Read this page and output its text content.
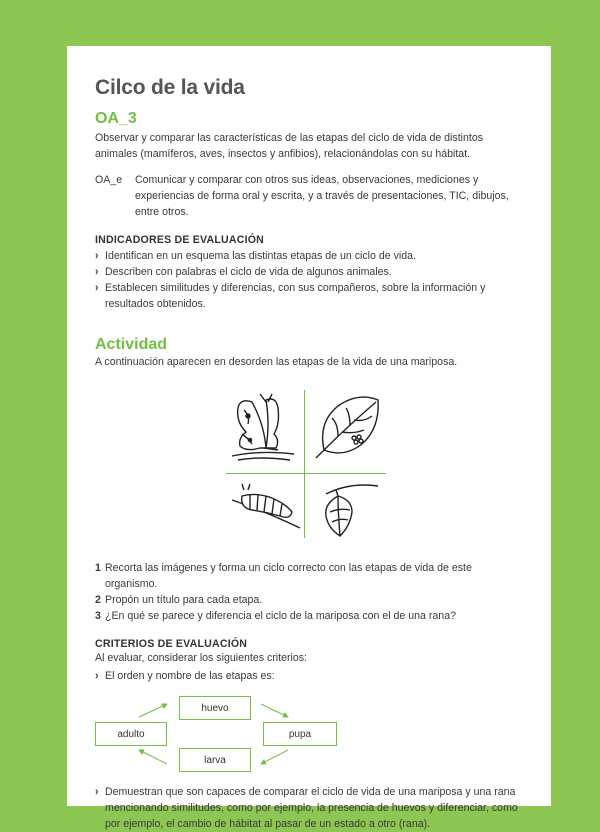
Cilco de la vida
OA_3

Observar y comparar las características de las etapas del ciclo de vida de distintos animales (mamíferos, aves, insectos y anfibios), relacionándolas con su hábitat.

OA_e	Comunicar y comparar con otros sus ideas, observaciones, mediciones y experiencias de forma oral y escrita, y a través de presentaciones, TIC, dibujos, entre otros.
INDICADORES DE EVALUACIÓN
› Identifican en un esquema las distintas etapas de un ciclo de vida.
› Describen con palabras el ciclo de vida de algunos animales.
› Establecen similitudes y diferencias, con sus compañeros, sobre la información y resultados obtenidos.
Actividad

A continuación aparecen en desorden las etapas de la vida de una mariposa.

1 Recorta las imágenes y forma un ciclo correcto con las etapas de vida de este organismo.
2 Propón un título para cada etapa.
3 ¿En qué se parece y diferencia el ciclo de la mariposa con el de una rana?
CRITERIOS DE EVALUACIÓN

Al evaluar, considerar los siguientes criterios:

› El orden y nombre de las etapas es:
huevo
pupa
larva
adulto
› Demuestran que son capaces de comparar el ciclo de vida de una mariposa y una rana mencionando similitudes, como por ejemplo, la presencia de huevos y diferenciar, como por ejemplo, el cambio de hábitat al pasar de un estado a otro (rana).
